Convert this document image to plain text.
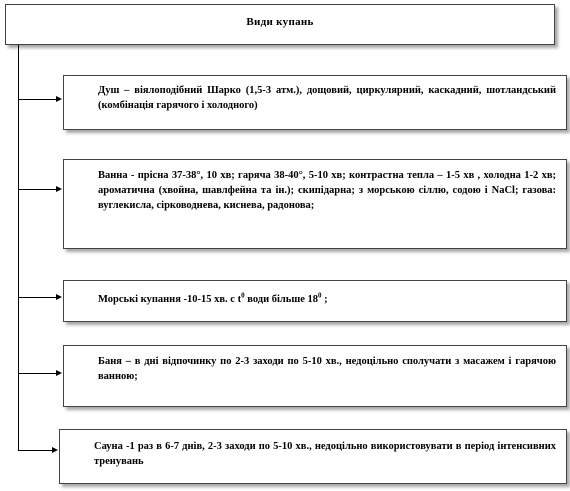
Види купань
Душ – віялоподібний Шарко (1,5-3 атм.), дощовий, циркулярний, каскадний, шотландський (комбінація гарячого і холодного)
Ванна - прісна 37-38°, 10 хв; гаряча 38-40°, 5-10 хв; контрастна тепла – 1-5 хв , холодна 1-2 хв; ароматична (хвойна, шавлфейна та ін.); скипідарна; з морською сіллю, содою і NaCl; газова: вуглекисла, сірководнева, киснева, радонова;
Морські купання -10-15 хв. с $t^0$ води більше $18^0$ ;
Баня – в дні відпочинку по 2-3 заходи по 5-10 хв., недоцільно сполучати з масажем і гарячою ванною;
Сауна -1 раз в 6-7 днів, 2-3 заходи по 5-10 хв., недоцільно використовувати в період інтенсивних тренувань
